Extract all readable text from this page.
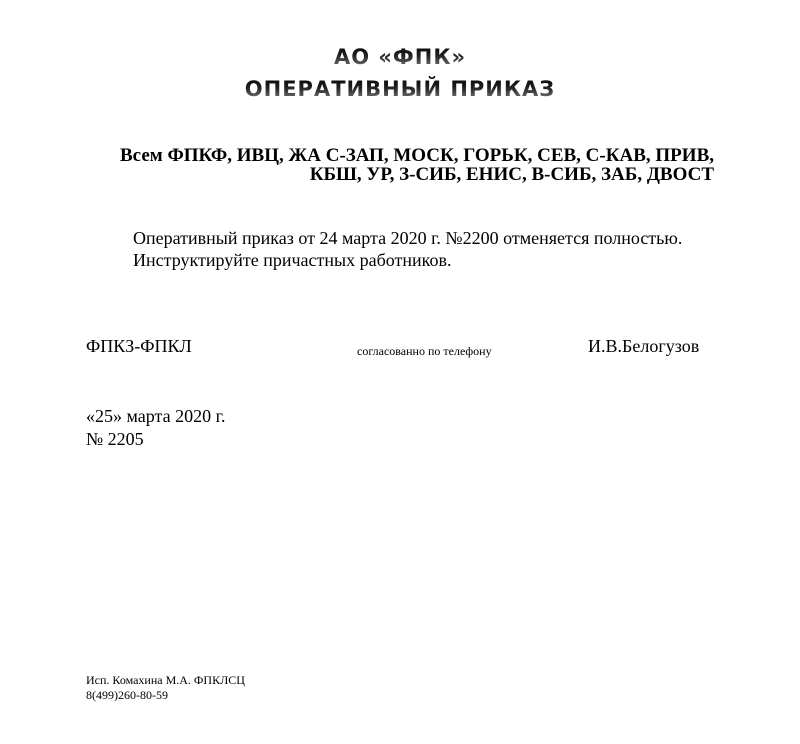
АО «ФПК»
ОПЕРАТИВНЫЙ ПРИКАЗ
Всем ФПКФ, ИВЦ, ЖА С-ЗАП, МОСК, ГОРЬК, СЕВ, С-КАВ, ПРИВ,
КБШ, УР, З-СИБ, ЕНИС, В-СИБ, ЗАБ, ДВОСТ
Оперативный приказ от 24 марта 2020 г. №2200 отменяется полностью.
Инструктируйте причастных работников.
ФПКЗ-ФПКЛ	согласованно по телефону	И.В.Белогузов
«25» марта 2020 г.
№ 2205
Исп. Комахина М.А. ФПКЛСЦ
8(499)260-80-59
